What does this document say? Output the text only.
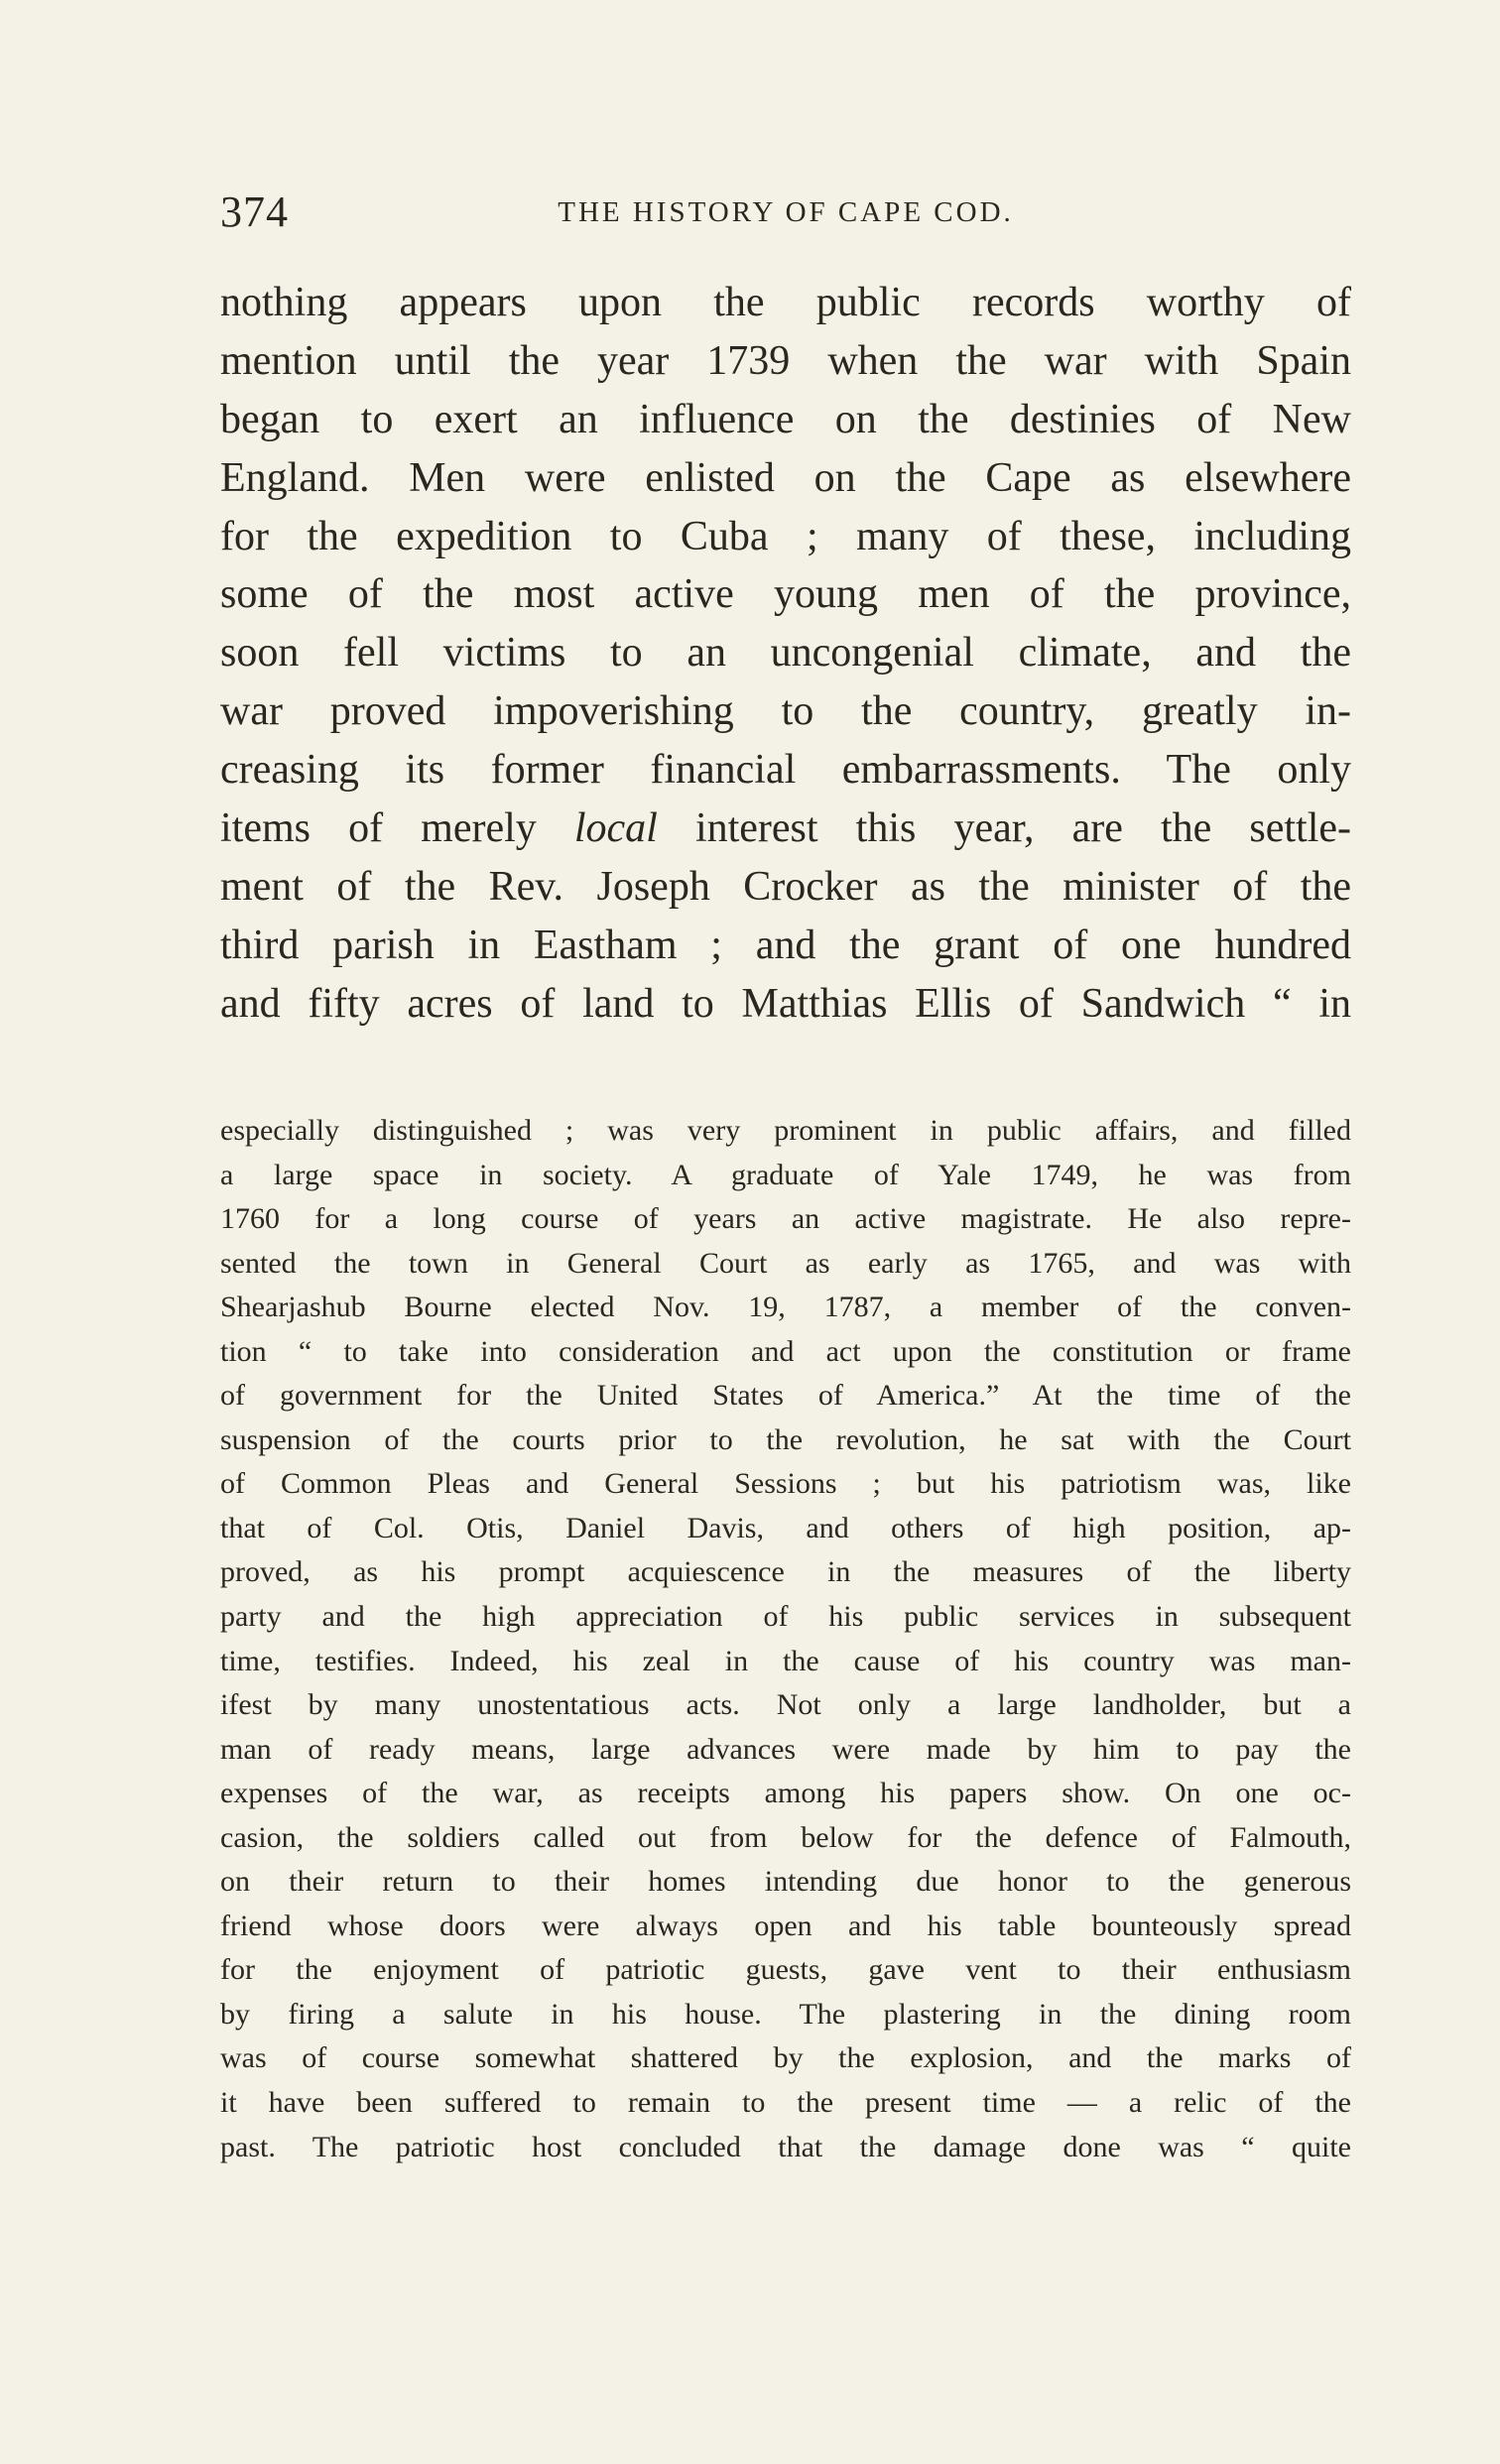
374	THE HISTORY OF CAPE COD.
nothing appears upon the public records worthy of
mention until the year 1739 when the war with Spain
began to exert an influence on the destinies of New
England. Men were enlisted on the Cape as elsewhere
for the expedition to Cuba ; many of these, including
some of the most active young men of the province,
soon fell victims to an uncongenial climate, and the
war proved impoverishing to the country, greatly in-
creasing its former financial embarrassments. The only
items of merely local interest this year, are the settle-
ment of the Rev. Joseph Crocker as the minister of the
third parish in Eastham ; and the grant of one hundred
and fifty acres of land to Matthias Ellis of Sandwich “ in
especially distinguished ; was very prominent in public affairs, and filled
a large space in society. A graduate of Yale 1749, he was from
1760 for a long course of years an active magistrate. He also repre-
sented the town in General Court as early as 1765, and was with
Shearjashub Bourne elected Nov. 19, 1787, a member of the conven-
tion “ to take into consideration and act upon the constitution or frame
of government for the United States of America.” At the time of the
suspension of the courts prior to the revolution, he sat with the Court
of Common Pleas and General Sessions ; but his patriotism was, like
that of Col. Otis, Daniel Davis, and others of high position, ap-
proved, as his prompt acquiescence in the measures of the liberty
party and the high appreciation of his public services in subsequent
time, testifies. Indeed, his zeal in the cause of his country was man-
ifest by many unostentatious acts. Not only a large landholder, but a
man of ready means, large advances were made by him to pay the
expenses of the war, as receipts among his papers show. On one oc-
casion, the soldiers called out from below for the defence of Falmouth,
on their return to their homes intending due honor to the generous
friend whose doors were always open and his table bounteously spread
for the enjoyment of patriotic guests, gave vent to their enthusiasm
by firing a salute in his house. The plastering in the dining room
was of course somewhat shattered by the explosion, and the marks of
it have been suffered to remain to the present time — a relic of the
past. The patriotic host concluded that the damage done was “ quite
